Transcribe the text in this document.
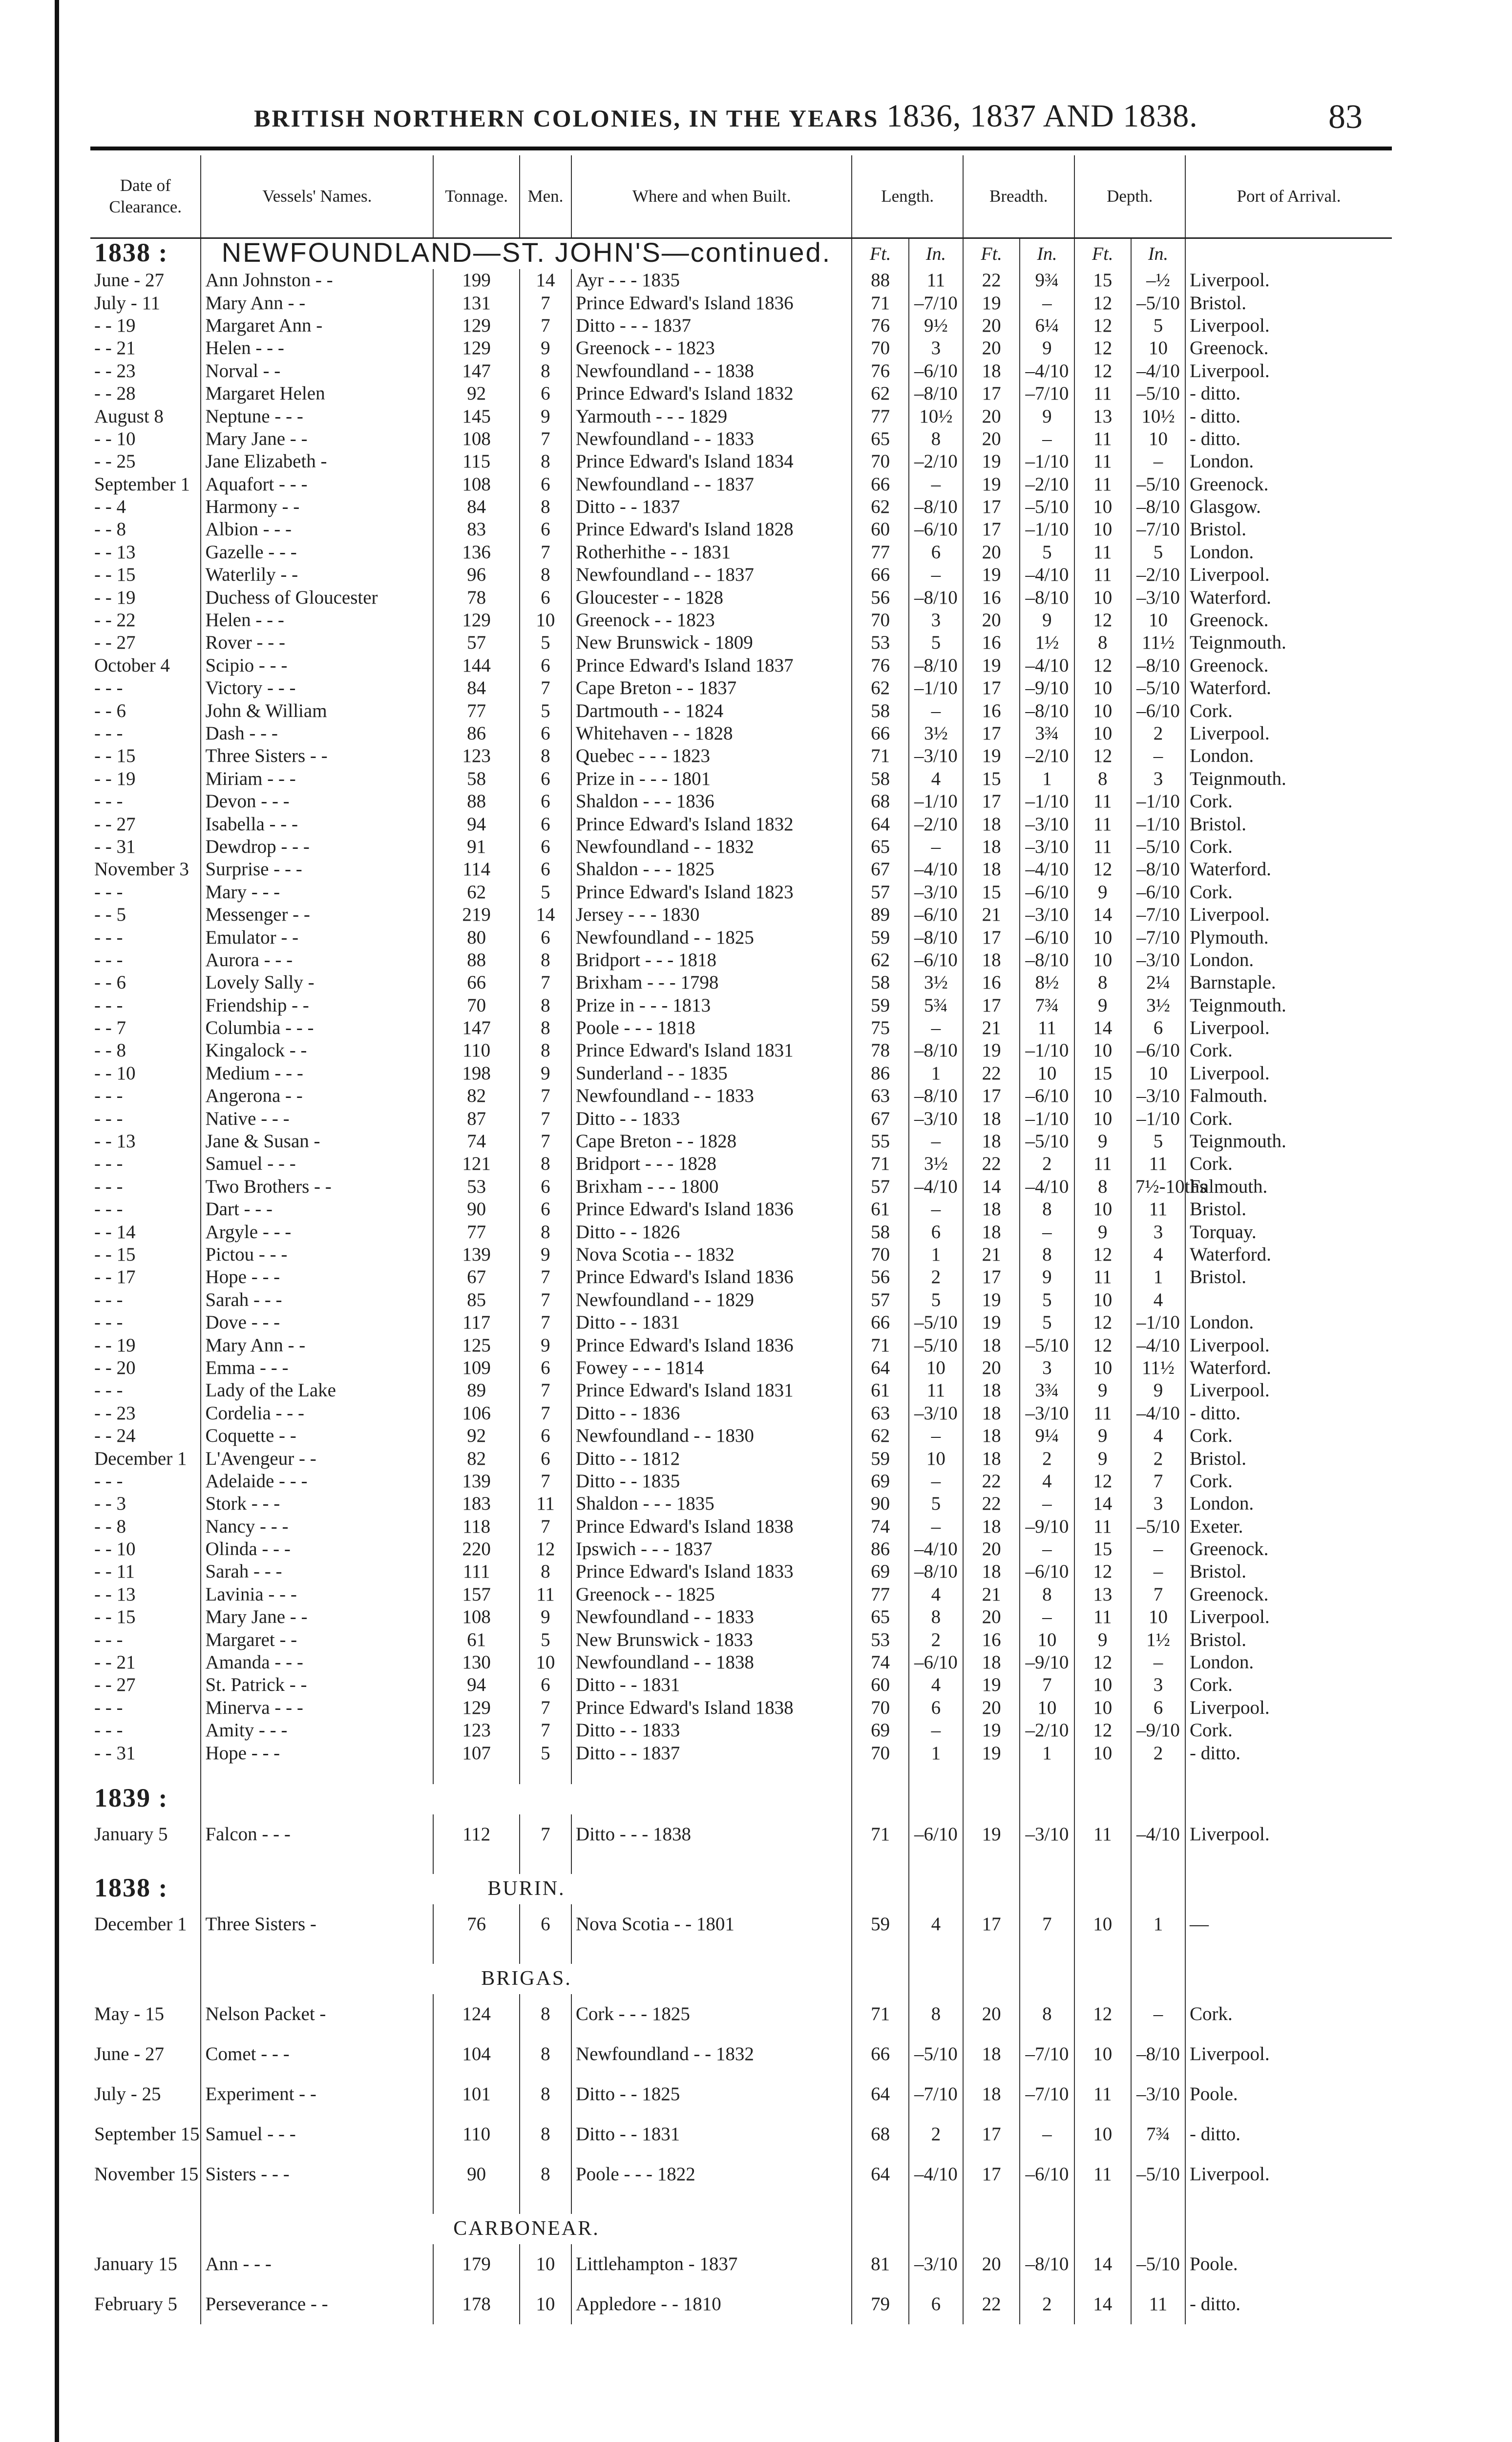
BRITISH NORTHERN COLONIES, IN THE YEARS 1836, 1837 AND 1838.	83
Date of Clearance.	Vessels' Names.	Tonnage.	Men.	Where and when Built.	Length.		Breadth.		Depth.		Port of Arrival.
1838 :	NEWFOUNDLAND—ST. JOHN'S—continued.				Ft.	In.	Ft.	In.	Ft.	In.	
June - 27	Ann Johnston - -	199	14	Ayr - - - 1835	88	11	22	9¾	15	–½	Liverpool.
July - 11	Mary Ann - -	131	7	Prince Edward's Island 1836	71	–7/10	19	–	12	–5/10	Bristol.
- - 19	Margaret Ann -	129	7	Ditto - - - 1837	76	9½	20	6¼	12	5	Liverpool.
- - 21	Helen - - -	129	9	Greenock - - 1823	70	3	20	9	12	10	Greenock.
- - 23	Norval - -	147	8	Newfoundland - - 1838	76	–6/10	18	–4/10	12	–4/10	Liverpool.
- - 28	Margaret Helen	92	6	Prince Edward's Island 1832	62	–8/10	17	–7/10	11	–5/10	- ditto.
August 8	Neptune - - -	145	9	Yarmouth - - - 1829	77	10½	20	9	13	10½	- ditto.
- - 10	Mary Jane - -	108	7	Newfoundland - - 1833	65	8	20	–	11	10	- ditto.
- - 25	Jane Elizabeth -	115	8	Prince Edward's Island 1834	70	–2/10	19	–1/10	11	–	London.
September 1	Aquafort - - -	108	6	Newfoundland - - 1837	66	–	19	–2/10	11	–5/10	Greenock.
- - 4	Harmony - -	84	8	Ditto - - 1837	62	–8/10	17	–5/10	10	–8/10	Glasgow.
- - 8	Albion - - -	83	6	Prince Edward's Island 1828	60	–6/10	17	–1/10	10	–7/10	Bristol.
- - 13	Gazelle - - -	136	7	Rotherhithe - - 1831	77	6	20	5	11	5	London.
- - 15	Waterlily - -	96	8	Newfoundland - - 1837	66	–	19	–4/10	11	–2/10	Liverpool.
- - 19	Duchess of Gloucester	78	6	Gloucester - - 1828	56	–8/10	16	–8/10	10	–3/10	Waterford.
- - 22	Helen - - -	129	10	Greenock - - 1823	70	3	20	9	12	10	Greenock.
- - 27	Rover - - -	57	5	New Brunswick - 1809	53	5	16	1½	8	11½	Teignmouth.
October 4	Scipio - - -	144	6	Prince Edward's Island 1837	76	–8/10	19	–4/10	12	–8/10	Greenock.
- - -	Victory - - -	84	7	Cape Breton - - 1837	62	–1/10	17	–9/10	10	–5/10	Waterford.
- - 6	John & William	77	5	Dartmouth - - 1824	58	–	16	–8/10	10	–6/10	Cork.
- - -	Dash - - -	86	6	Whitehaven - - 1828	66	3½	17	3¾	10	2	Liverpool.
- - 15	Three Sisters - -	123	8	Quebec - - - 1823	71	–3/10	19	–2/10	12	–	London.
- - 19	Miriam - - -	58	6	Prize in - - - 1801	58	4	15	1	8	3	Teignmouth.
- - -	Devon - - -	88	6	Shaldon - - - 1836	68	–1/10	17	–1/10	11	–1/10	Cork.
- - 27	Isabella - - -	94	6	Prince Edward's Island 1832	64	–2/10	18	–3/10	11	–1/10	Bristol.
- - 31	Dewdrop - - -	91	6	Newfoundland - - 1832	65	–	18	–3/10	11	–5/10	Cork.
November 3	Surprise - - -	114	6	Shaldon - - - 1825	67	–4/10	18	–4/10	12	–8/10	Waterford.
- - -	Mary - - -	62	5	Prince Edward's Island 1823	57	–3/10	15	–6/10	9	–6/10	Cork.
- - 5	Messenger - -	219	14	Jersey - - - 1830	89	–6/10	21	–3/10	14	–7/10	Liverpool.
- - -	Emulator - -	80	6	Newfoundland - - 1825	59	–8/10	17	–6/10	10	–7/10	Plymouth.
- - -	Aurora - - -	88	8	Bridport - - - 1818	62	–6/10	18	–8/10	10	–3/10	London.
- - 6	Lovely Sally -	66	7	Brixham - - - 1798	58	3½	16	8½	8	2¼	Barnstaple.
- - -	Friendship - -	70	8	Prize in - - - 1813	59	5¾	17	7¾	9	3½	Teignmouth.
- - 7	Columbia - - -	147	8	Poole - - - 1818	75	–	21	11	14	6	Liverpool.
- - 8	Kingalock - -	110	8	Prince Edward's Island 1831	78	–8/10	19	–1/10	10	–6/10	Cork.
- - 10	Medium - - -	198	9	Sunderland - - 1835	86	1	22	10	15	10	Liverpool.
- - -	Angerona - -	82	7	Newfoundland - - 1833	63	–8/10	17	–6/10	10	–3/10	Falmouth.
- - -	Native - - -	87	7	Ditto - - 1833	67	–3/10	18	–1/10	10	–1/10	Cork.
- - 13	Jane & Susan -	74	7	Cape Breton - - 1828	55	–	18	–5/10	9	5	Teignmouth.
- - -	Samuel - - -	121	8	Bridport - - - 1828	71	3½	22	2	11	11	Cork.
- - -	Two Brothers - -	53	6	Brixham - - - 1800	57	–4/10	14	–4/10	8	7½-10ths	Falmouth.
- - -	Dart - - -	90	6	Prince Edward's Island 1836	61	–	18	8	10	11	Bristol.
- - 14	Argyle - - -	77	8	Ditto - - 1826	58	6	18	–	9	3	Torquay.
- - 15	Pictou - - -	139	9	Nova Scotia - - 1832	70	1	21	8	12	4	Waterford.
- - 17	Hope - - -	67	7	Prince Edward's Island 1836	56	2	17	9	11	1	Bristol.
- - -	Sarah - - -	85	7	Newfoundland - - 1829	57	5	19	5	10	4	
- - -	Dove - - -	117	7	Ditto - - 1831	66	–5/10	19	5	12	–1/10	London.
- - 19	Mary Ann - -	125	9	Prince Edward's Island 1836	71	–5/10	18	–5/10	12	–4/10	Liverpool.
- - 20	Emma - - -	109	6	Fowey - - - 1814	64	10	20	3	10	11½	Waterford.
- - -	Lady of the Lake	89	7	Prince Edward's Island 1831	61	11	18	3¾	9	9	Liverpool.
- - 23	Cordelia - - -	106	7	Ditto - - 1836	63	–3/10	18	–3/10	11	–4/10	- ditto.
- - 24	Coquette - -	92	6	Newfoundland - - 1830	62	–	18	9¼	9	4	Cork.
December 1	L'Avengeur - -	82	6	Ditto - - 1812	59	10	18	2	9	2	Bristol.
- - -	Adelaide - - -	139	7	Ditto - - 1835	69	–	22	4	12	7	Cork.
- - 3	Stork - - -	183	11	Shaldon - - - 1835	90	5	22	–	14	3	London.
- - 8	Nancy - - -	118	7	Prince Edward's Island 1838	74	–	18	–9/10	11	–5/10	Exeter.
- - 10	Olinda - - -	220	12	Ipswich - - - 1837	86	–4/10	20	–	15	–	Greenock.
- - 11	Sarah - - -	111	8	Prince Edward's Island 1833	69	–8/10	18	–6/10	12	–	Bristol.
- - 13	Lavinia - - -	157	11	Greenock - - 1825	77	4	21	8	13	7	Greenock.
- - 15	Mary Jane - -	108	9	Newfoundland - - 1833	65	8	20	–	11	10	Liverpool.
- - -	Margaret - -	61	5	New Brunswick - 1833	53	2	16	10	9	1½	Bristol.
- - 21	Amanda - - -	130	10	Newfoundland - - 1838	74	–6/10	18	–9/10	12	–	London.
- - 27	St. Patrick - -	94	6	Ditto - - 1831	60	4	19	7	10	3	Cork.
- - -	Minerva - - -	129	7	Prince Edward's Island 1838	70	6	20	10	10	6	Liverpool.
- - -	Amity - - -	123	7	Ditto - - 1833	69	–	19	–2/10	12	–9/10	Cork.
- - 31	Hope - - -	107	5	Ditto - - 1837	70	1	19	1	10	2	- ditto.

1839 :											
January 5	Falcon - - -	112	7	Ditto - - - 1838	71	–6/10	19	–3/10	11	–4/10	Liverpool.

1838 :	BURIN.										
December 1	Three Sisters -	76	6	Nova Scotia - - 1801	59	4	17	7	10	1	—

	BRIGAS.										
May - 15	Nelson Packet -	124	8	Cork - - - 1825	71	8	20	8	12	–	Cork.
June - 27	Comet - - -	104	8	Newfoundland - - 1832	66	–5/10	18	–7/10	10	–8/10	Liverpool.
July - 25	Experiment - -	101	8	Ditto - - 1825	64	–7/10	18	–7/10	11	–3/10	Poole.
September 15	Samuel - - -	110	8	Ditto - - 1831	68	2	17	–	10	7¾	- ditto.
November 15	Sisters - - -	90	8	Poole - - - 1822	64	–4/10	17	–6/10	11	–5/10	Liverpool.

	CARBONEAR.										
January 15	Ann - - -	179	10	Littlehampton - 1837	81	–3/10	20	–8/10	14	–5/10	Poole.
February 5	Perseverance - -	178	10	Appledore - - 1810	79	6	22	2	14	11	- ditto.
